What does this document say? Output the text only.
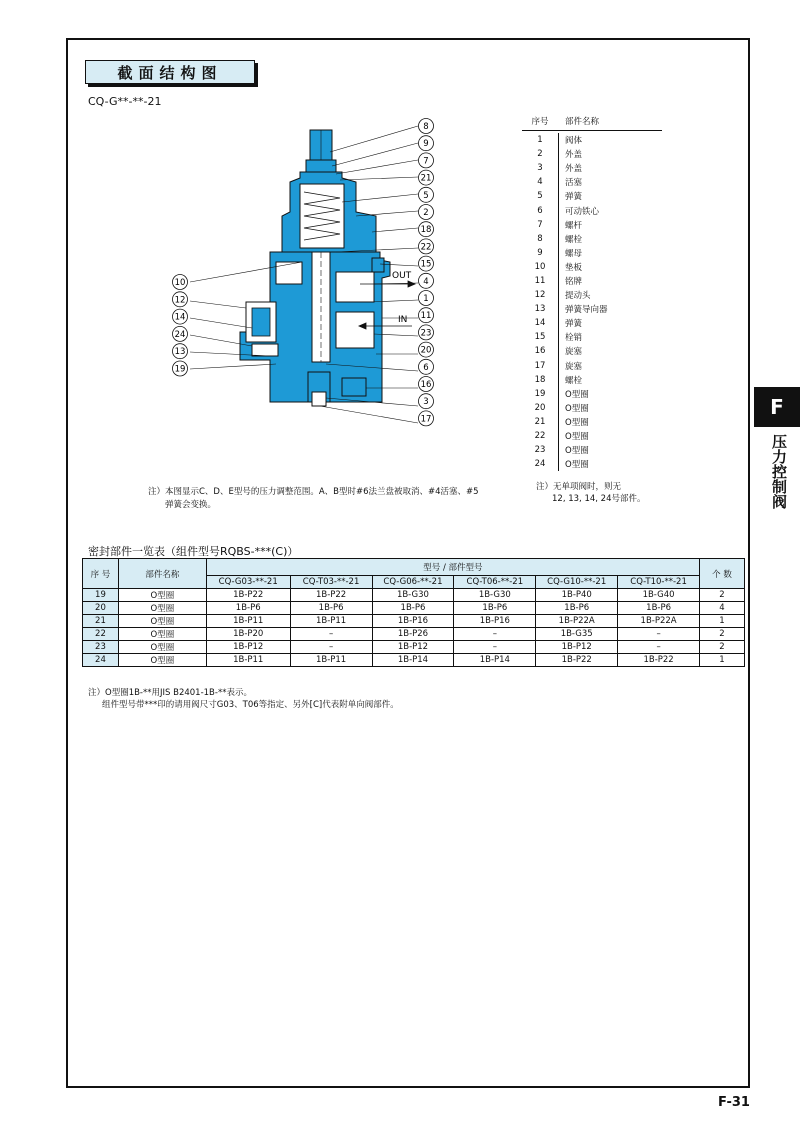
截面结构图
CQ-G**-**-21
OUT
IN
8
9
7
21
5
2
18
22
15
4
1
11
23
20
6
16
3
17
10
12
14
24
13
19
序号	部件名称
1	阀体
2	外盖
3	外盖
4	活塞
5	弹簧
6	可动铁心
7	螺杆
8	螺栓
9	螺母
10	垫板
11	铭牌
12	提动头
13	弹簧导向器
14	弹簧
15	栓销
16	旋塞
17	旋塞
18	螺栓
19	O型圈
20	O型圈
21	O型圈
22	O型圈
23	O型圈
24	O型圈
注）本图显示C、D、E型号的压力调整范围。A、B型时#6法兰盘被取消、#4活塞、#5
弹簧会变换。
注）无单项阀时，则无
12, 13, 14, 24号部件。
F
压力控制阀
密封部件一览表（组件型号RQBS-***(C)）
序 号	部件名称	型号 / 部件型号						个 数
		CQ-G03-**-21	CQ-T03-**-21	CQ-G06-**-21	CQ-T06-**-21	CQ-G10-**-21	CQ-T10-**-21	
19	O型圈	1B-P22	1B-P22	1B-G30	1B-G30	1B-P40	1B-G40	2
20	O型圈	1B-P6	1B-P6	1B-P6	1B-P6	1B-P6	1B-P6	4
21	O型圈	1B-P11	1B-P11	1B-P16	1B-P16	1B-P22A	1B-P22A	1
22	O型圈	1B-P20	–	1B-P26	–	1B-G35	–	2
23	O型圈	1B-P12	–	1B-P12	–	1B-P12	–	2
24	O型圈	1B-P11	1B-P11	1B-P14	1B-P14	1B-P22	1B-P22	1
注）O型圈1B-**用JIS B2401-1B-**表示。
组件型号带***印的请用阀尺寸G03、T06等指定、另外[C]代表附单向阀部件。
F-31
